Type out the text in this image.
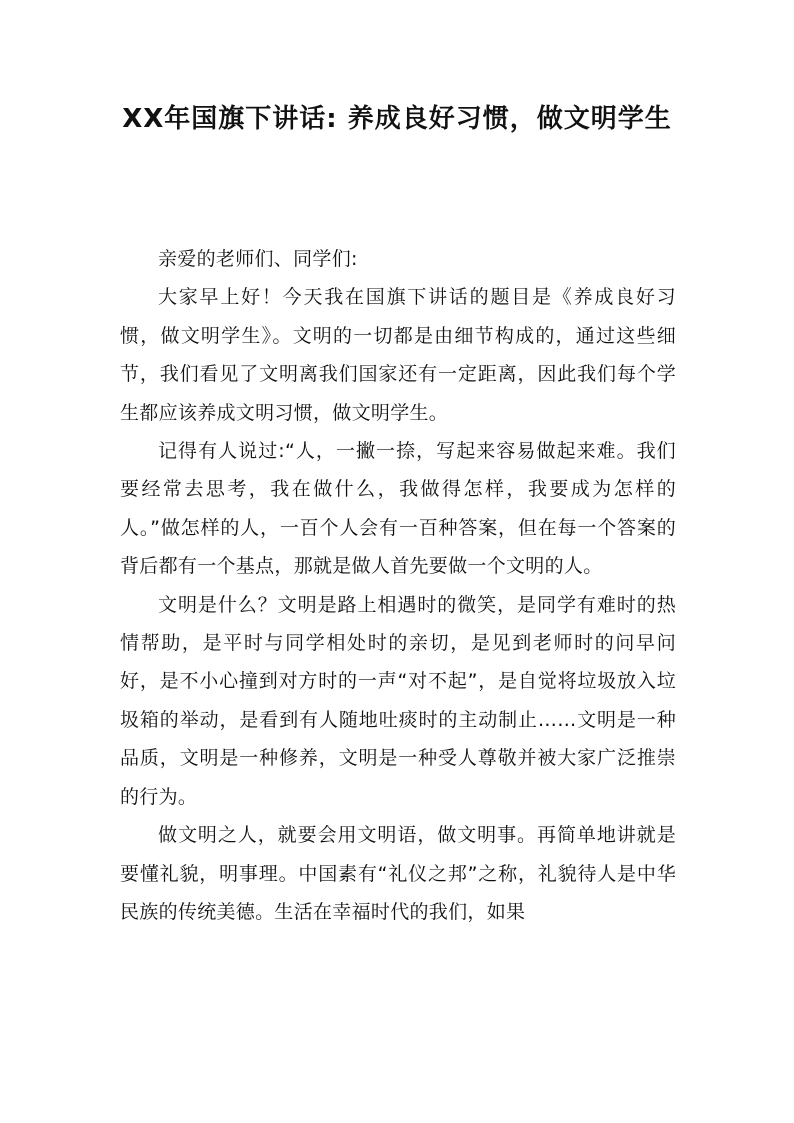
XX年国旗下讲话: 养成良好习惯，做文明学生

亲爱的老师们、同学们:

大家早上好！今天我在国旗下讲话的题目是《养成良好习惯，做文明学生》。文明的一切都是由细节构成的，通过这些细节，我们看见了文明离我们国家还有一定距离，因此我们每个学生都应该养成文明习惯，做文明学生。

记得有人说过:“人，一撇一捺，写起来容易做起来难。我们要经常去思考，我在做什么，我做得怎样，我要成为怎样的人。”做怎样的人，一百个人会有一百种答案，但在每一个答案的背后都有一个基点，那就是做人首先要做一个文明的人。

文明是什么？文明是路上相遇时的微笑，是同学有难时的热情帮助，是平时与同学相处时的亲切，是见到老师时的问早问好，是不小心撞到对方时的一声“对不起”，是自觉将垃圾放入垃圾箱的举动，是看到有人随地吐痰时的主动制止……文明是一种品质，文明是一种修养，文明是一种受人尊敬并被大家广泛推崇的行为。

做文明之人，就要会用文明语，做文明事。再简单地讲就是要懂礼貌，明事理。中国素有“礼仪之邦”之称，礼貌待人是中华民族的传统美德。生活在幸福时代的我们，如果
